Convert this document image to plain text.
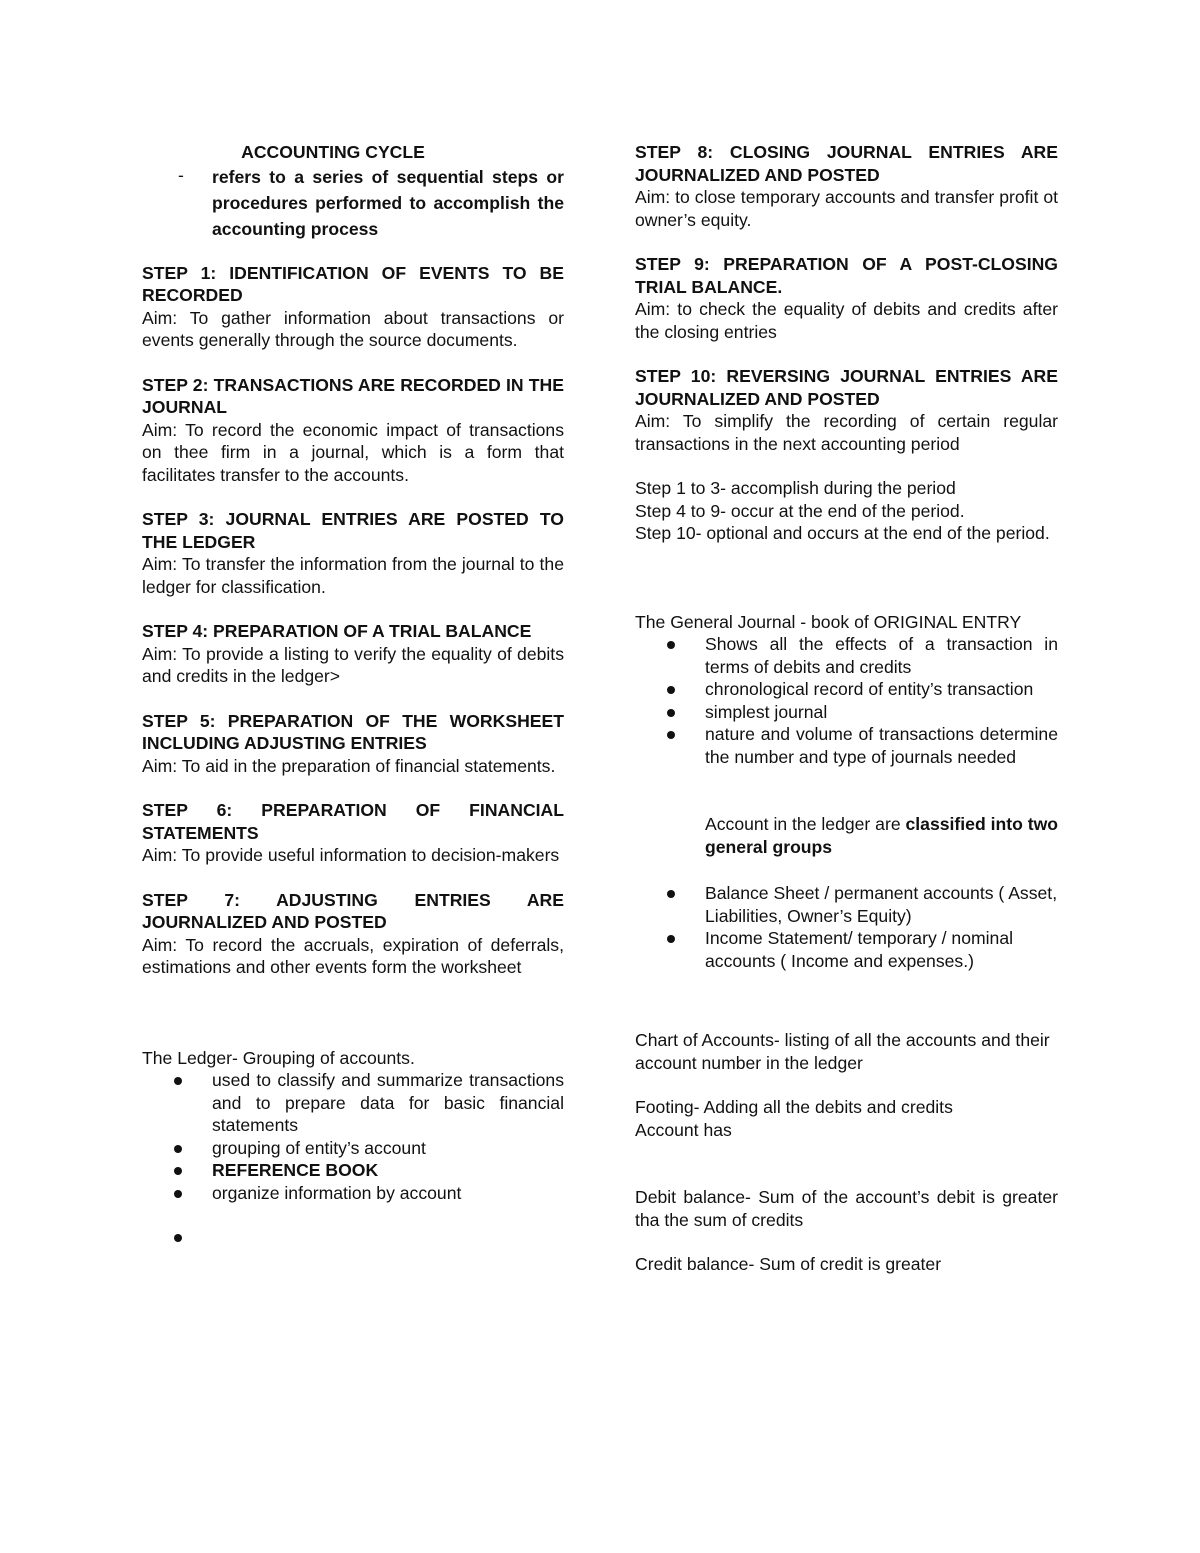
ACCOUNTING CYCLE

-	refers to a series of sequential steps or procedures performed to accomplish the accounting process

STEP 1: IDENTIFICATION OF EVENTS TO BE RECORDED

Aim: To gather information about transactions or events generally through the source documents.

STEP 2: TRANSACTIONS ARE RECORDED IN THE JOURNAL

Aim: To record the economic impact of transactions on thee firm in a journal, which is a form that facilitates transfer to the accounts.

STEP 3: JOURNAL ENTRIES ARE POSTED TO THE LEDGER

Aim: To transfer the information from the journal to the ledger for classification.

STEP 4: PREPARATION OF A TRIAL BALANCE

Aim: To provide a listing to verify the equality of debits and credits in the ledger>

STEP 5: PREPARATION OF THE WORKSHEET INCLUDING ADJUSTING ENTRIES

Aim: To aid in the preparation of financial statements.

STEP 6: PREPARATION OF FINANCIAL STATEMENTS

Aim: To provide useful information to decision-makers

STEP 7: ADJUSTING ENTRIES ARE JOURNALIZED AND POSTED

Aim: To record the accruals, expiration of deferrals, estimations and other events form the worksheet

The Ledger- Grouping of accounts.

used to classify and summarize transactions and to prepare data for basic financial statements
grouping of entity’s account
REFERENCE BOOK
organize information by account

STEP 8: CLOSING JOURNAL ENTRIES ARE JOURNALIZED AND POSTED

Aim: to close temporary accounts and transfer profit ot owner’s equity.

STEP 9: PREPARATION OF A POST-CLOSING TRIAL BALANCE.

Aim: to check the equality of debits and credits after the closing entries

STEP 10: REVERSING JOURNAL ENTRIES ARE JOURNALIZED AND POSTED

Aim: To simplify the recording of certain regular transactions in the next accounting period

Step 1 to 3- accomplish during the period

Step 4 to 9- occur at the end of the period.

Step 10- optional and occurs at the end of the period.

The General Journal - book of ORIGINAL ENTRY

Shows all the effects of a transaction in terms of debits and credits
chronological record of entity’s transaction
simplest journal
nature and volume of transactions determine the number and type of journals needed

Account in the ledger are classified into two general groups

Balance Sheet / permanent accounts ( Asset, Liabilities, Owner’s Equity)
Income Statement/ temporary / nominal accounts ( Income and expenses.)

Chart of Accounts- listing of all the accounts and their account number in the ledger

Footing- Adding all the debits and credits

Account has

Debit balance- Sum of the account’s debit is greater tha the sum of credits

Credit balance- Sum of credit is greater
